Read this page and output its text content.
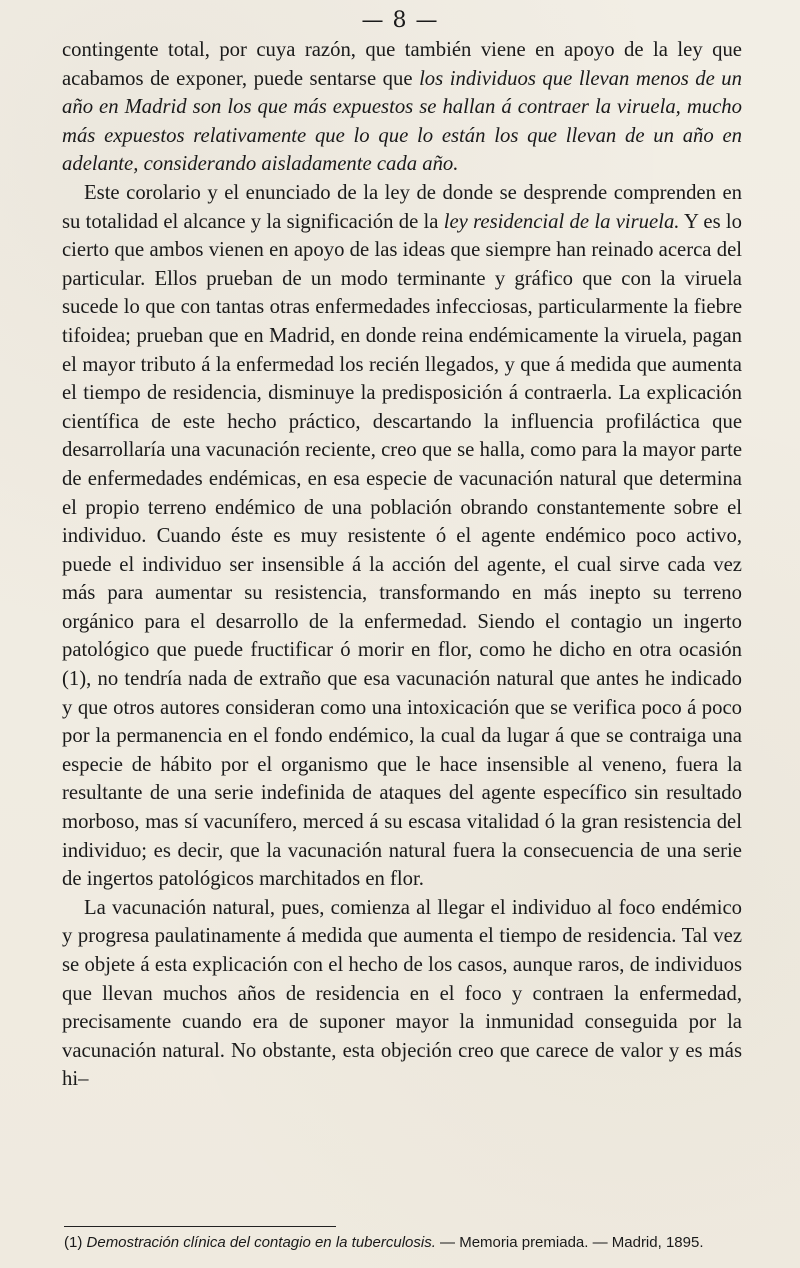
— 8 —

contingente total, por cuya razón, que también viene en apoyo de la ley que acabamos de exponer, puede sentarse que los individuos que llevan menos de un año en Madrid son los que más expuestos se hallan á contraer la viruela, mucho más expuestos relativamente que lo que lo están los que llevan de un año en adelante, considerando aisladamente cada año.

Este corolario y el enunciado de la ley de donde se desprende comprenden en su totalidad el alcance y la significación de la ley residencial de la viruela. Y es lo cierto que ambos vienen en apoyo de las ideas que siempre han reinado acerca del particular. Ellos prueban de un modo terminante y gráfico que con la viruela sucede lo que con tantas otras enfermedades infecciosas, particularmente la fiebre tifoidea; prueban que en Madrid, en donde reina endémicamente la viruela, pagan el mayor tributo á la enfermedad los recién llegados, y que á medida que aumenta el tiempo de residencia, disminuye la predisposición á contraerla. La explicación científica de este hecho práctico, descartando la influencia profiláctica que desarrollaría una vacunación reciente, creo que se halla, como para la mayor parte de enfermedades endémicas, en esa especie de vacunación natural que determina el propio terreno endémico de una población obrando constantemente sobre el individuo. Cuando éste es muy resistente ó el agente endémico poco activo, puede el individuo ser insensible á la acción del agente, el cual sirve cada vez más para aumentar su resistencia, transformando en más inepto su terreno orgánico para el desarrollo de la enfermedad. Siendo el contagio un ingerto patológico que puede fructificar ó morir en flor, como he dicho en otra ocasión (1), no tendría nada de extraño que esa vacunación natural que antes he indicado y que otros autores consideran como una intoxicación que se verifica poco á poco por la permanencia en el fondo endémico, la cual da lugar á que se contraiga una especie de hábito por el organismo que le hace insensible al veneno, fuera la resultante de una serie indefinida de ataques del agente específico sin resultado morboso, mas sí vacunífero, merced á su escasa vitalidad ó la gran resistencia del individuo; es decir, que la vacunación natural fuera la consecuencia de una serie de ingertos patológicos marchitados en flor.

La vacunación natural, pues, comienza al llegar el individuo al foco endémico y progresa paulatinamente á medida que aumenta el tiempo de residencia. Tal vez se objete á esta explicación con el hecho de los casos, aunque raros, de individuos que llevan muchos años de residencia en el foco y contraen la enfermedad, precisamente cuando era de suponer mayor la inmunidad conseguida por la vacunación natural. No obstante, esta objeción creo que carece de valor y es más hi–

(1) Demostración clínica del contagio en la tuberculosis. — Memoria premiada. — Madrid, 1895.
